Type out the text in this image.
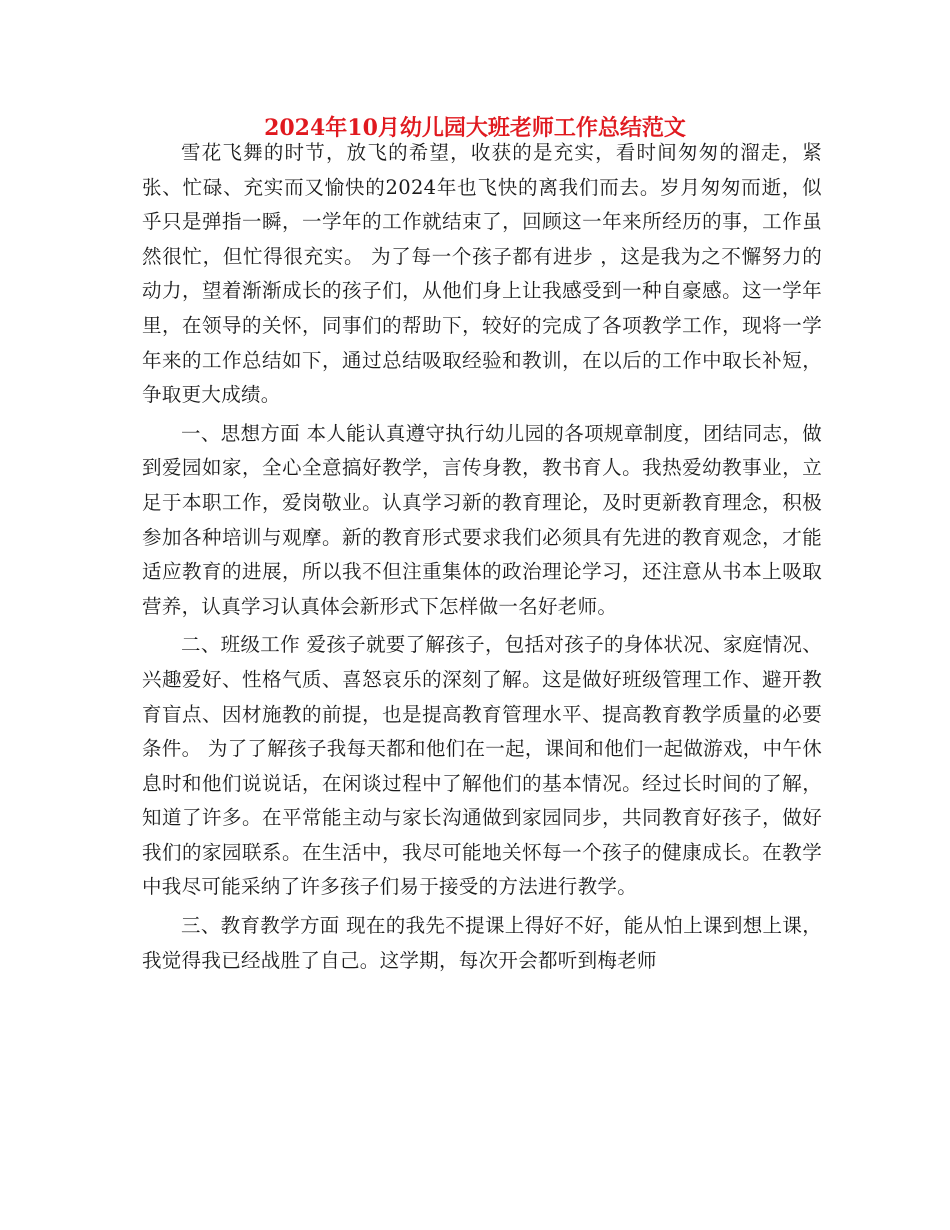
2024年10月幼儿园大班老师工作总结范文

雪花飞舞的时节，放飞的希望，收获的是充实，看时间匆匆的溜走，紧张、忙碌、充实而又愉快的2024年也飞快的离我们而去。岁月匆匆而逝，似乎只是弹指一瞬，一学年的工作就结束了，回顾这一年来所经历的事，工作虽然很忙，但忙得很充实。 为了每一个孩子都有进步 ，这是我为之不懈努力的动力，望着渐渐成长的孩子们，从他们身上让我感受到一种自豪感。这一学年里，在领导的关怀，同事们的帮助下，较好的完成了各项教学工作，现将一学年来的工作总结如下，通过总结吸取经验和教训，在以后的工作中取长补短，争取更大成绩。

一、思想方面 本人能认真遵守执行幼儿园的各项规章制度，团结同志，做到爱园如家，全心全意搞好教学，言传身教，教书育人。我热爱幼教事业，立足于本职工作，爱岗敬业。认真学习新的教育理论，及时更新教育理念，积极参加各种培训与观摩。新的教育形式要求我们必须具有先进的教育观念，才能适应教育的进展，所以我不但注重集体的政治理论学习，还注意从书本上吸取营养，认真学习认真体会新形式下怎样做一名好老师。

二、班级工作 爱孩子就要了解孩子，包括对孩子的身体状况、家庭情况、兴趣爱好、性格气质、喜怒哀乐的深刻了解。这是做好班级管理工作、避开教育盲点、因材施教的前提，也是提高教育管理水平、提高教育教学质量的必要条件。 为了了解孩子我每天都和他们在一起，课间和他们一起做游戏，中午休息时和他们说说话，在闲谈过程中了解他们的基本情况。经过长时间的了解，知道了许多。在平常能主动与家长沟通做到家园同步，共同教育好孩子，做好我们的家园联系。在生活中，我尽可能地关怀每一个孩子的健康成长。在教学中我尽可能采纳了许多孩子们易于接受的方法进行教学。

三、教育教学方面 现在的我先不提课上得好不好，能从怕上课到想上课，我觉得我已经战胜了自己。这学期，每次开会都听到梅老师
